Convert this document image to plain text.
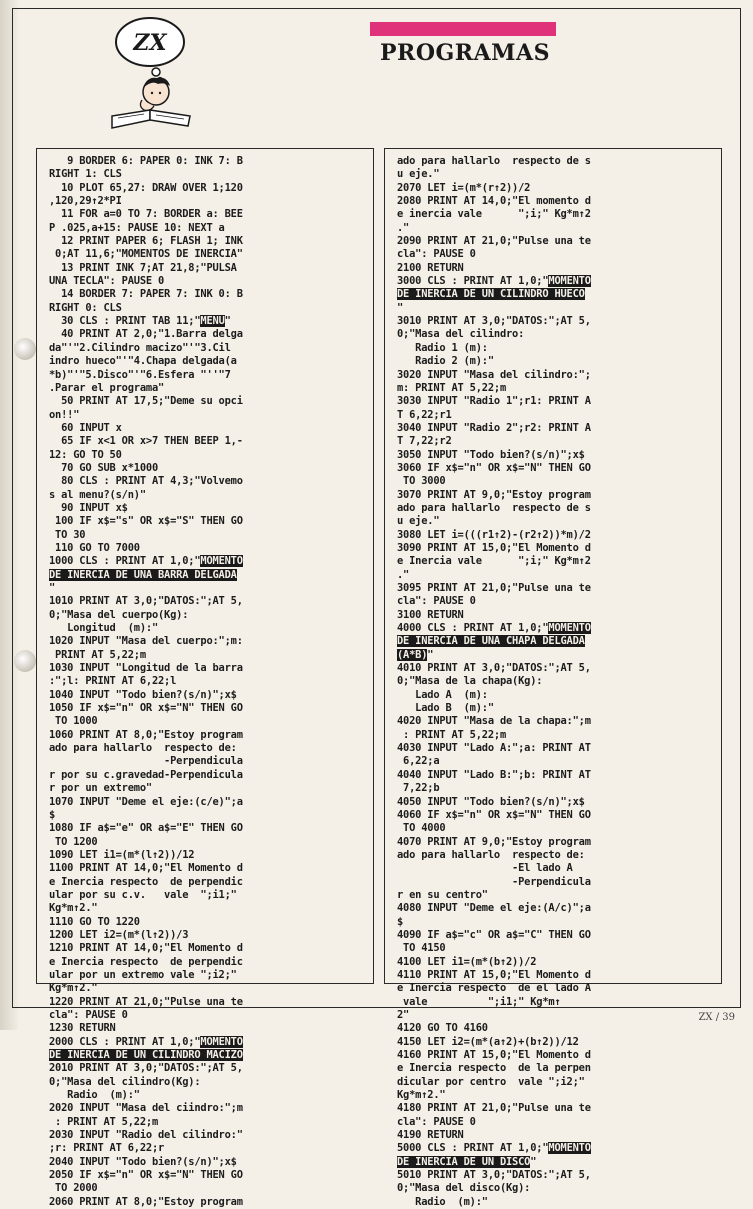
ZX	PROGRAMAS
9 BORDER 6: PAPER 0: INK 7: B
RIGHT 1: CLS
10 PLOT 65,27: DRAW OVER 1;120
,120,29↑2*PI
11 FOR a=0 TO 7: BORDER a: BEE
P .025,a+15: PAUSE 10: NEXT a
12 PRINT PAPER 6; FLASH 1; INK
0;AT 11,6;"MOMENTOS DE INERCIA"
13 PRINT INK 7;AT 21,8;"PULSA
UNA TECLA": PAUSE 0
14 BORDER 7: PAPER 7: INK 0: B
RIGHT 0: CLS
30 CLS : PRINT TAB 11;"MENU"
40 PRINT AT 2,0;"1.Barra delga
da"'"2.Cilindro macizo"'"3.Cil
indro hueco"'"4.Chapa delgada(a
*b)"'"5.Disco"'"6.Esfera "''"7
.Parar el programa"
50 PRINT AT 17,5;"Deme su opci
on!!"
60 INPUT x
65 IF x<1 OR x>7 THEN BEEP 1,-
12: GO TO 50
70 GO SUB x*1000
80 CLS : PRINT AT 4,3;"Volvemo
s al menu?(s/n)"
90 INPUT x$
100 IF x$="s" OR x$="S" THEN GO
TO 30
110 GO TO 7000
1000 CLS : PRINT AT 1,0;"MOMENTO
DE INERCIA DE UNA BARRA DELGADA
"
1010 PRINT AT 3,0;"DATOS:";AT 5,
0;"Masa del cuerpo(Kg):
Longitud  (m):"
1020 INPUT "Masa del cuerpo:";m:
PRINT AT 5,22;m
1030 INPUT "Longitud de la barra
:";l: PRINT AT 6,22;l
1040 INPUT "Todo bien?(s/n)";x$
1050 IF x$="n" OR x$="N" THEN GO
TO 1000
1060 PRINT AT 8,0;"Estoy program
ado para hallarlo  respecto de:
-Perpendicula
r por su c.gravedad-Perpendicula
r por un extremo"
1070 INPUT "Deme el eje:(c/e)";a
$
1080 IF a$="e" OR a$="E" THEN GO
TO 1200
1090 LET i1=(m*(l↑2))/12
1100 PRINT AT 14,0;"El Momento d
e Inercia respecto  de perpendic
ular por su c.v.   vale  ";i1;"
Kg*m↑2."
1110 GO TO 1220
1200 LET i2=(m*(l↑2))/3
1210 PRINT AT 14,0;"El Momento d
e Inercia respecto  de perpendic
ular por un extremo vale ";i2;"
Kg*m↑2."
1220 PRINT AT 21,0;"Pulse una te
cla": PAUSE 0
1230 RETURN
2000 CLS : PRINT AT 1,0;"MOMENTO
DE INERCIA DE UN CILINDRO MACIZO
2010 PRINT AT 3,0;"DATOS:";AT 5,
0;"Masa del cilindro(Kg):
Radio  (m):"
2020 INPUT "Masa del ciindro:";m
: PRINT AT 5,22;m
2030 INPUT "Radio del cilindro:"
;r: PRINT AT 6,22;r
2040 INPUT "Todo bien?(s/n)";x$
2050 IF x$="n" OR x$="N" THEN GO
TO 2000
2060 PRINT AT 8,0;"Estoy program

ado para hallarlo  respecto de s
u eje."
2070 LET i=(m*(r↑2))/2
2080 PRINT AT 14,0;"El momento d
e inercia vale      ";i;" Kg*m↑2
."
2090 PRINT AT 21,0;"Pulse una te
cla": PAUSE 0
2100 RETURN
3000 CLS : PRINT AT 1,0;"MOMENTO
DE INERCIA DE UN CILINDRO HUECO
"
3010 PRINT AT 3,0;"DATOS:";AT 5,
0;"Masa del cilindro:
Radio 1 (m):
Radio 2 (m):"
3020 INPUT "Masa del cilindro:";
m: PRINT AT 5,22;m
3030 INPUT "Radio 1";r1: PRINT A
T 6,22;r1
3040 INPUT "Radio 2";r2: PRINT A
T 7,22;r2
3050 INPUT "Todo bien?(s/n)";x$
3060 IF x$="n" OR x$="N" THEN GO
TO 3000
3070 PRINT AT 9,0;"Estoy program
ado para hallarlo  respecto de s
u eje."
3080 LET i=(((r1↑2)-(r2↑2))*m)/2
3090 PRINT AT 15,0;"El Momento d
e Inercia vale      ";i;" Kg*m↑2
."
3095 PRINT AT 21,0;"Pulse una te
cla": PAUSE 0
3100 RETURN
4000 CLS : PRINT AT 1,0;"MOMENTO
DE INERCIA DE UNA CHAPA DELGADA
(A*B)"
4010 PRINT AT 3,0;"DATOS:";AT 5,
0;"Masa de la chapa(Kg):
Lado A  (m):
Lado B  (m):"
4020 INPUT "Masa de la chapa:";m
: PRINT AT 5,22;m
4030 INPUT "Lado A:";a: PRINT AT
6,22;a
4040 INPUT "Lado B:";b: PRINT AT
7,22;b
4050 INPUT "Todo bien?(s/n)";x$
4060 IF x$="n" OR x$="N" THEN GO
TO 4000
4070 PRINT AT 9,0;"Estoy program
ado para hallarlo  respecto de:
-El lado A
-Perpendicula
r en su centro"
4080 INPUT "Deme el eje:(A/c)";a
$
4090 IF a$="c" OR a$="C" THEN GO
TO 4150
4100 LET i1=(m*(b↑2))/2
4110 PRINT AT 15,0;"El Momento d
e Inercia respecto  de el lado A
vale          ";i1;" Kg*m↑
2"
4120 GO TO 4160
4150 LET i2=(m*(a↑2)+(b↑2))/12
4160 PRINT AT 15,0;"El Momento d
e Inercia respecto  de la perpen
dicular por centro  vale ";i2;"
Kg*m↑2."
4180 PRINT AT 21,0;"Pulse una te
cla": PAUSE 0
4190 RETURN
5000 CLS : PRINT AT 1,0;"MOMENTO
DE INERCIA DE UN DISCO"
5010 PRINT AT 3,0;"DATOS:";AT 5,
0;"Masa del disco(Kg):
Radio  (m):"

ZX / 39
